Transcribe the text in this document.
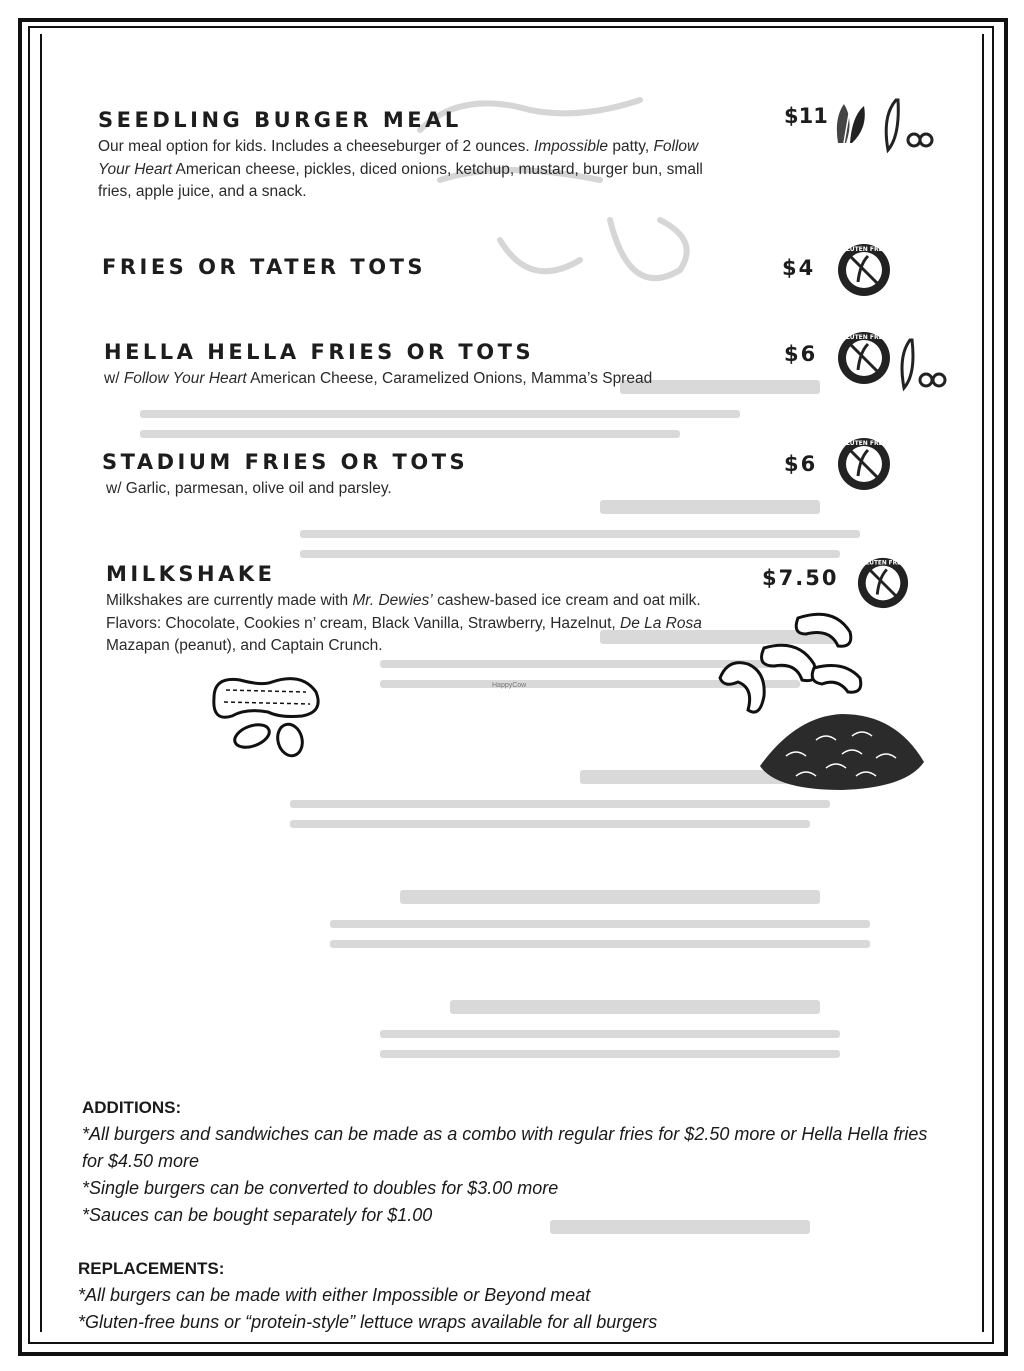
SEEDLING BURGER MEAL
Our meal option for kids. Includes a cheeseburger of 2 ounces. Impossible patty, Follow Your Heart American cheese, pickles, diced onions, ketchup, mustard, burger bun, small fries, apple juice, and a snack.
$11
FRIES OR TATER TOTS	$4
GLUTEN FREE
HELLA HELLA FRIES OR TOTS
w/ Follow Your Heart American Cheese, Caramelized Onions, Mamma’s Spread
$6
GLUTEN FREE
STADIUM FRIES OR TOTS
w/ Garlic, parmesan, olive oil and parsley.
$6
GLUTEN FREE
MILKSHAKE
Milkshakes are currently made with Mr. Dewies’ cashew-based ice cream and oat milk. Flavors: Chocolate, Cookies n’ cream, Black Vanilla, Strawberry, Hazelnut, De La Rosa Mazapan (peanut), and Captain Crunch.
$7.50
GLUTEN FREE
HappyCow
ADDITIONS:
*All burgers and sandwiches can be made as a combo with regular fries for $2.50 more or Hella Hella fries for $4.50 more
*Single burgers can be converted to doubles for $3.00 more
*Sauces can be bought separately for $1.00
REPLACEMENTS:
*All burgers can be made with either Impossible or Beyond meat
*Gluten-free buns or “protein-style” lettuce wraps available for all burgers
